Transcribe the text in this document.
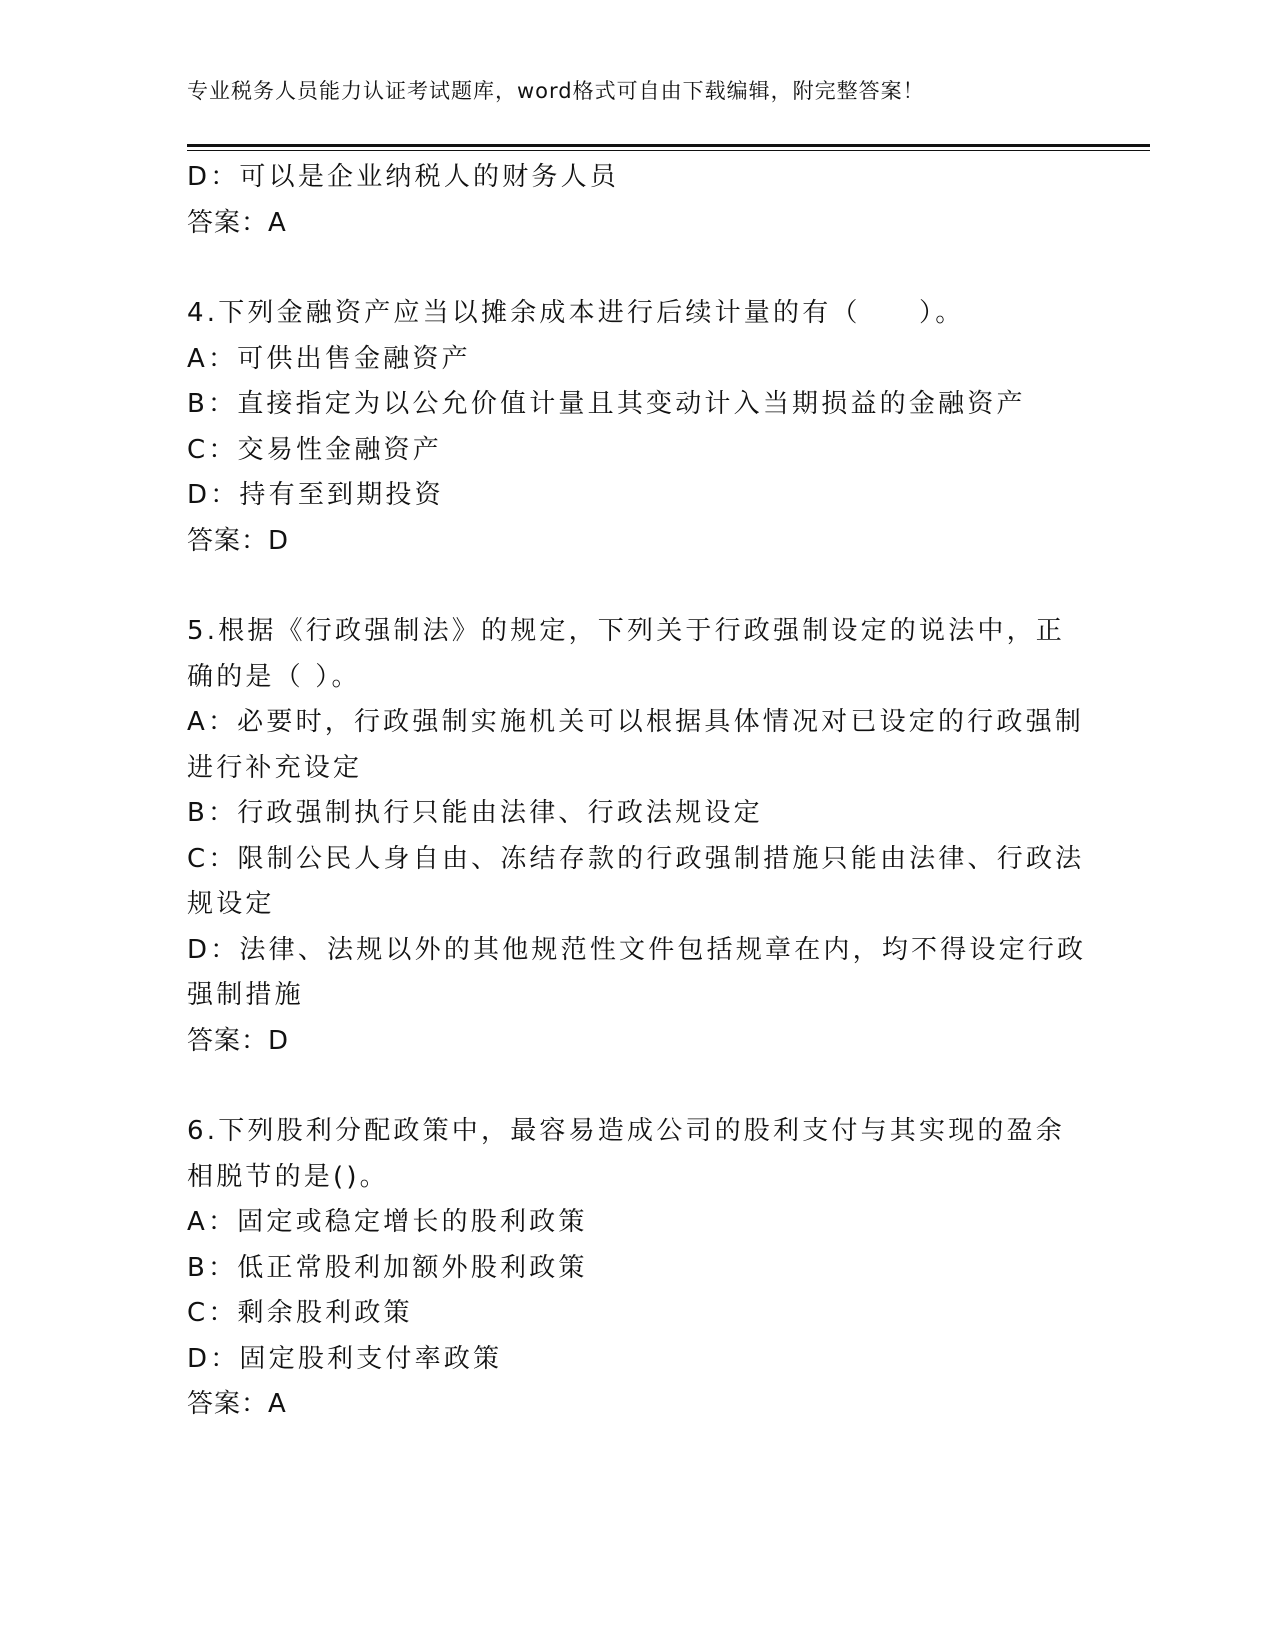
专业税务人员能力认证考试题库，word格式可自由下载编辑，附完整答案！

D：可以是企业纳税人的财务人员

答案：A

4.下列金融资产应当以摊余成本进行后续计量的有（　　）。

A：可供出售金融资产

B：直接指定为以公允价值计量且其变动计入当期损益的金融资产

C：交易性金融资产

D：持有至到期投资

答案：D

5.根据《行政强制法》的规定，下列关于行政强制设定的说法中，正

确的是（ ）。

A：必要时，行政强制实施机关可以根据具体情况对已设定的行政强制

进行补充设定

B：行政强制执行只能由法律、行政法规设定

C：限制公民人身自由、冻结存款的行政强制措施只能由法律、行政法

规设定

D：法律、法规以外的其他规范性文件包括规章在内，均不得设定行政

强制措施

答案：D

6.下列股利分配政策中，最容易造成公司的股利支付与其实现的盈余

相脱节的是()。

A：固定或稳定增长的股利政策

B：低正常股利加额外股利政策

C：剩余股利政策

D：固定股利支付率政策

答案：A
